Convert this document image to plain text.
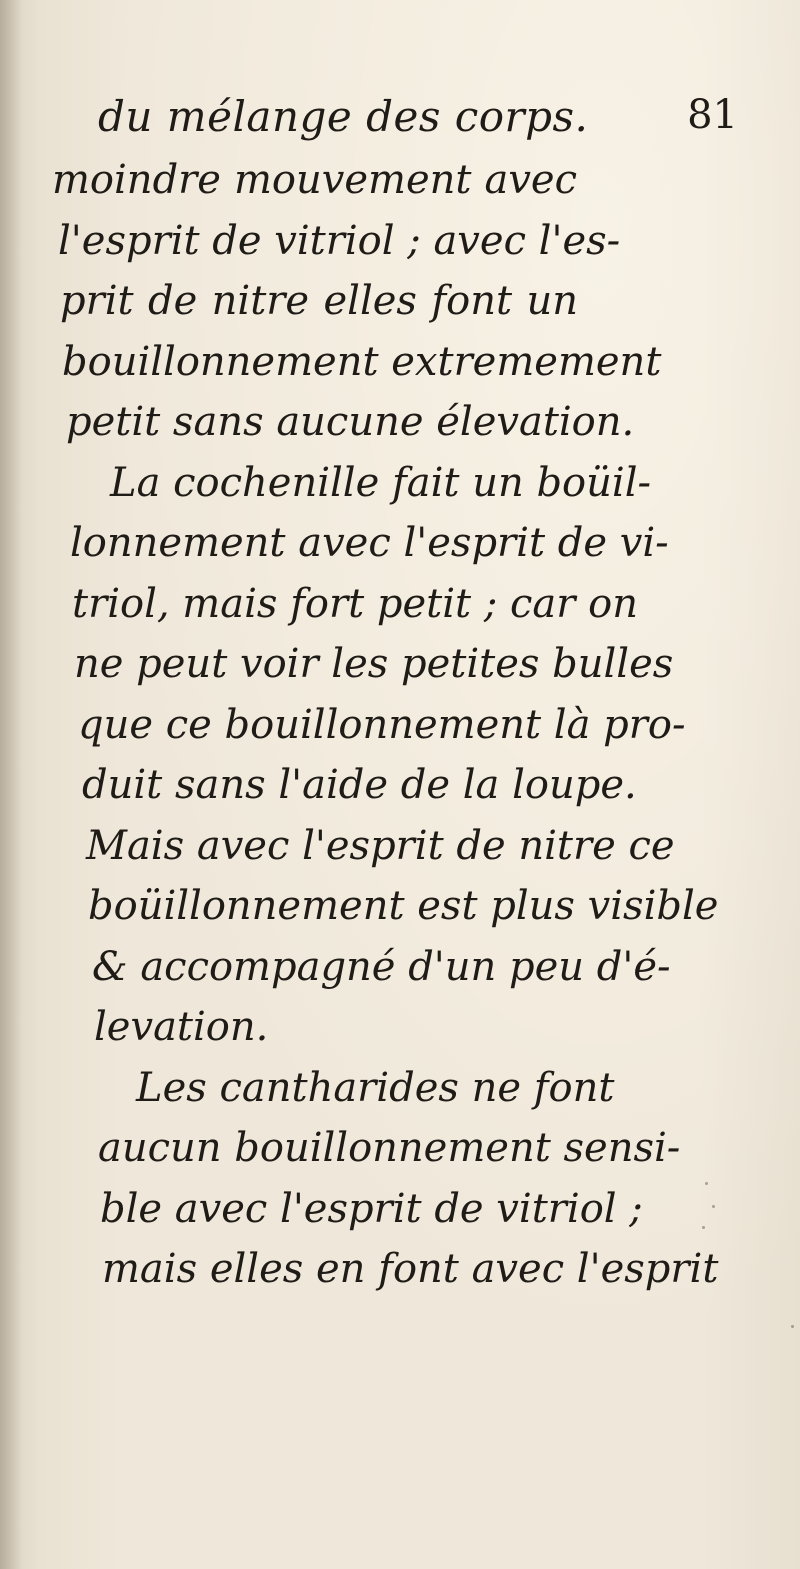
du mélange des corps. 81
moindre mouvement avec
l'esprit de vitriol ; avec l'es-
prit de nitre elles font un
bouillonnement extremement
petit sans aucune élevation.
La cochenille fait un boüil-
lonnement avec l'esprit de vi-
triol, mais fort petit ; car on
ne peut voir les petites bulles
que ce bouillonnement là pro-
duit sans l'aide de la loupe.
Mais avec l'esprit de nitre ce
boüillonnement est plus visible
& accompagné d'un peu d'é-
levation.
Les cantharides ne font
aucun bouillonnement sensi-
ble avec l'esprit de vitriol ;
mais elles en font avec l'esprit
